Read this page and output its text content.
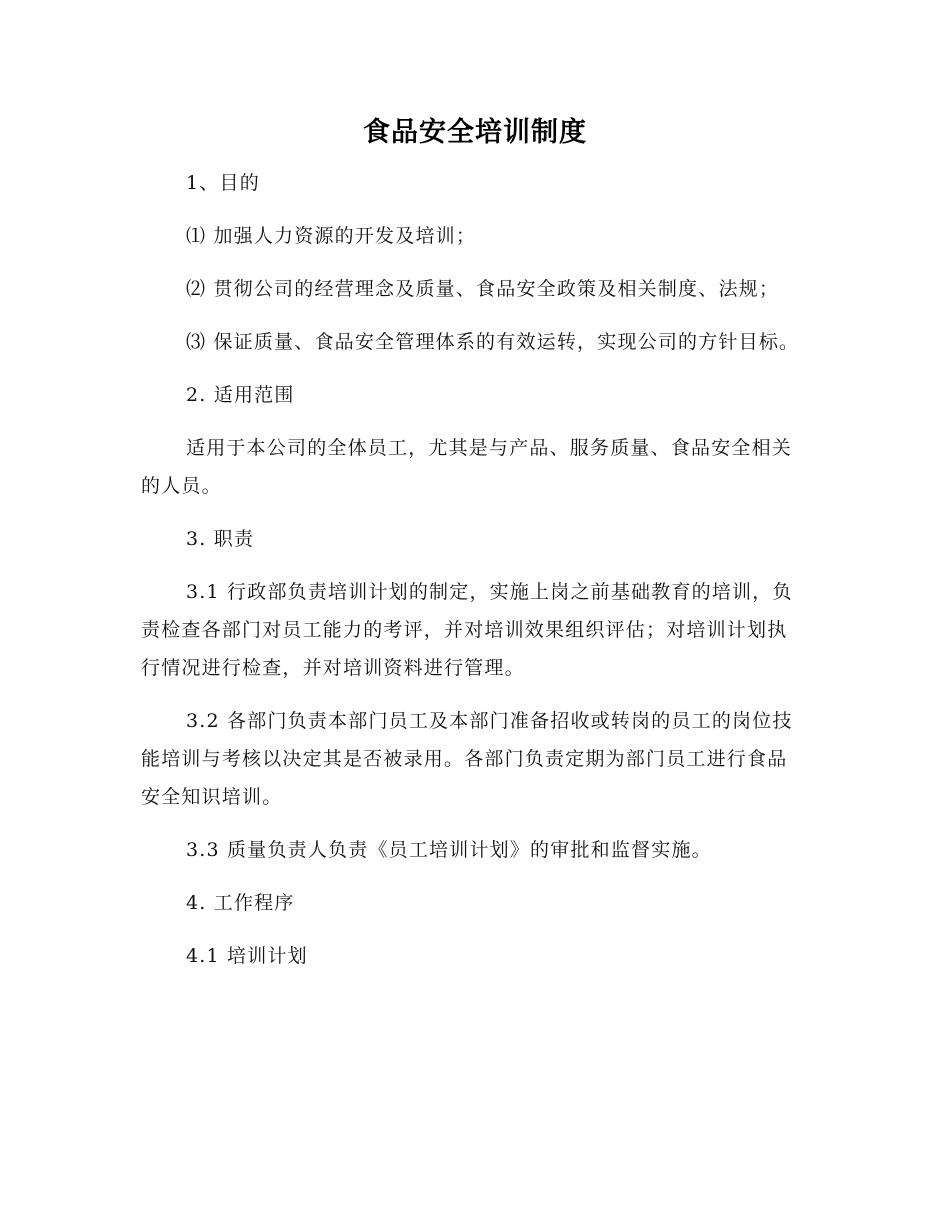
食品安全培训制度

1、目的

⑴ 加强人力资源的开发及培训；

⑵ 贯彻公司的经营理念及质量、食品安全政策及相关制度、法规；

⑶ 保证质量、食品安全管理体系的有效运转，实现公司的方针目标。

2. 适用范围

适用于本公司的全体员工，尤其是与产品、服务质量、食品安全相关的人员。

3. 职责

3.1 行政部负责培训计划的制定，实施上岗之前基础教育的培训，负责检查各部门对员工能力的考评，并对培训效果组织评估；对培训计划执行情况进行检查，并对培训资料进行管理。

3.2 各部门负责本部门员工及本部门准备招收或转岗的员工的岗位技能培训与考核以决定其是否被录用。各部门负责定期为部门员工进行食品安全知识培训。

3.3 质量负责人负责《员工培训计划》的审批和监督实施。

4. 工作程序

4.1 培训计划
